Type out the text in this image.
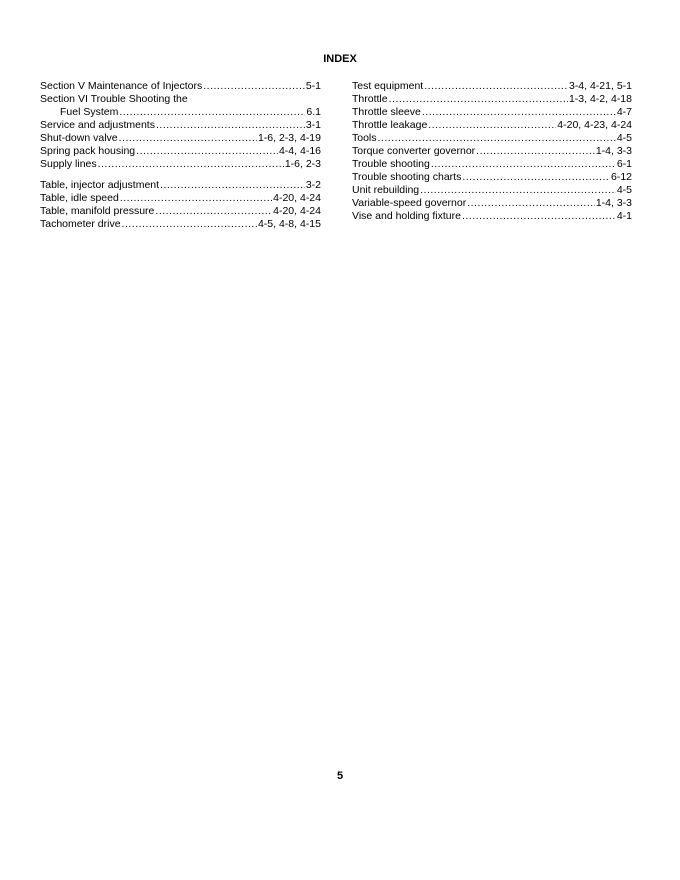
INDEX
Section V Maintenance of Injectors .....	5-1
Section VI Trouble Shooting the
Fuel System .....	6.1
Service and adjustments .....	3-1
Shut-down valve .....	1-6, 2-3, 4-19
Spring pack housing .....	4-4, 4-16
Supply lines .....	1-6, 2-3
Table, injector adjustment .....	3-2
Table, idle speed .....	4-20, 4-24
Table, manifold pressure .....	4-20, 4-24
Tachometer drive .....	4-5, 4-8, 4-15
Test equipment .....	3-4, 4-21, 5-1
Throttle .....	1-3, 4-2, 4-18
Throttle sleeve .....	4-7
Throttle leakage .....	4-20, 4-23, 4-24
Tools .....	4-5
Torque converter governor .....	1-4, 3-3
Trouble shooting .....	6-1
Trouble shooting charts .....	6-12
Unit rebuilding .....	4-5
Variable-speed governor .....	1-4, 3-3
Vise and holding fixture .....	4-1
5
